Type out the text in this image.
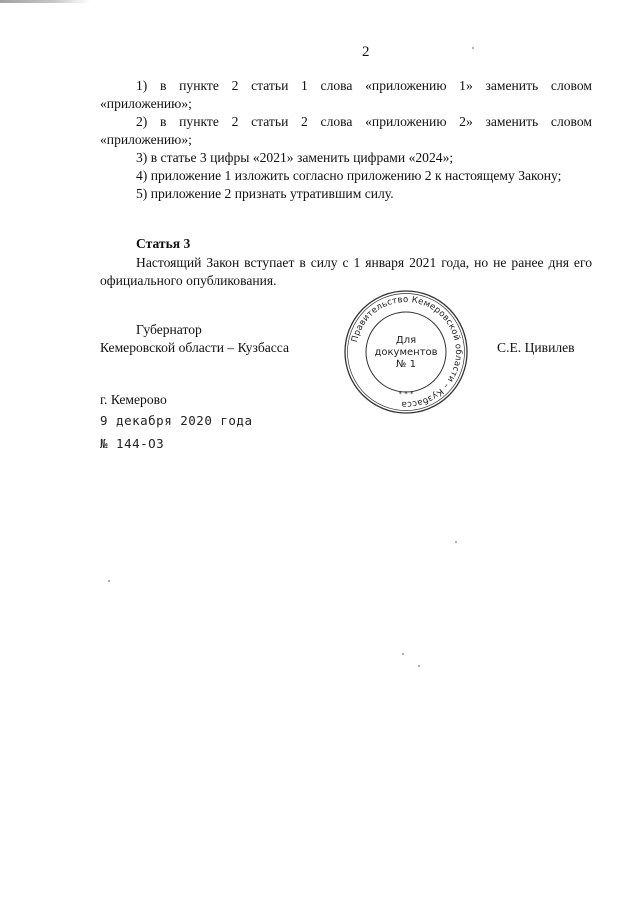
2

1) в пункте 2 статьи 1 слова «приложению 1» заменить словом «приложению»;

2) в пункте 2 статьи 2 слова «приложению 2» заменить словом «приложению»;

3) в статье 3 цифры «2021» заменить цифрами «2024»;

4) приложение 1 изложить согласно приложению 2 к настоящему Закону;

5) приложение 2 признать утратившим силу.

Статья 3

Настоящий Закон вступает в силу с 1 января 2021 года, но не ранее дня его официального опубликования.

Губернатор
Кемеровской области – Кузбасса	С.Е. Цивилев
Правительство Кемеровской области – Кузбасса
* * *
Для
документов
№ 1
г. Кемерово
9 декабря 2020 года
№ 144-ОЗ
